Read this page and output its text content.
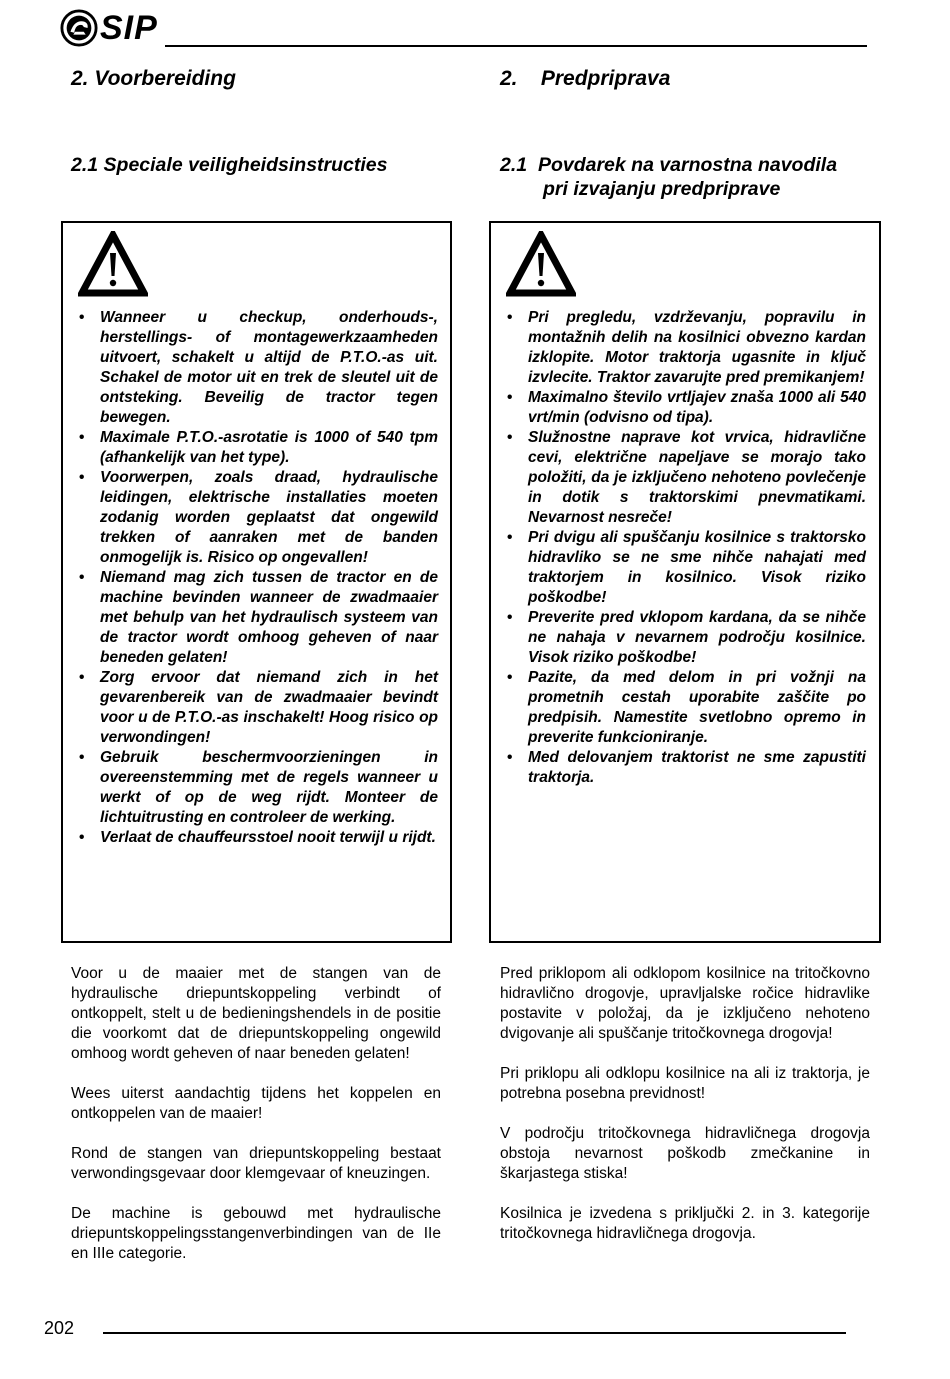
SIP
2. Voorbereiding
2.1 Speciale veiligheidsinstructies
2.    Predpriprava
2.1  Povdarek na varnostna navodila
pri izvajanju predpriprave
• Wanneer u checkup, onderhouds-, herstellings- of montagewerkzaamheden uitvoert, schakelt u altijd de P.T.O.-as uit. Schakel de motor uit en trek de sleutel uit de ontsteking. Beveilig de tractor tegen bewegen.
• Maximale P.T.O.-asrotatie is 1000 of 540 tpm (afhankelijk van het type).
• Voorwerpen, zoals draad, hydraulische leidingen, elektrische installaties moeten zodanig worden geplaatst dat ongewild trekken of aanraken met de banden onmogelijk is. Risico op ongevallen!
• Niemand mag zich tussen de tractor en de machine bevinden wanneer de zwadmaaier met behulp van het hydraulisch systeem van de tractor wordt omhoog geheven of naar beneden gelaten!
• Zorg ervoor dat niemand zich in het gevarenbereik van de zwadmaaier bevindt voor u de P.T.O.-as inschakelt! Hoog risico op verwondingen!
• Gebruik beschermvoorzieningen in overeenstemming met de regels wanneer u werkt of op de weg rijdt. Monteer de lichtuitrusting en controleer de werking.
• Verlaat de chauffeursstoel nooit terwijl u rijdt.
• Pri pregledu, vzdrževanju, popravilu in montažnih delih na kosilnici obvezno kardan izklopite. Motor traktorja ugasnite in ključ izvlecite. Traktor zavarujte pred premikanjem!
• Maximalno število vrtljajev znaša 1000 ali 540 vrt/min (odvisno od tipa).
• Služnostne naprave kot vrvica, hidravlične cevi, električne napeljave se morajo tako položiti, da je izključeno nehoteno povlečenje in dotik s traktorskimi pnevmatikami. Nevarnost nesreče!
• Pri dvigu ali spuščanju kosilnice s traktorsko hidravliko se ne sme nihče nahajati med traktorjem in kosilnico. Visok riziko poškodbe!
• Preverite pred vklopom kardana, da se nihče ne nahaja v nevarnem področju kosilnice. Visok riziko poškodbe!
• Pazite, da med delom in pri vožnji na prometnih cestah uporabite zaščite po predpisih. Namestite svetlobno opremo in preverite funkcioniranje.
• Med delovanjem traktorist ne sme zapustiti traktorja.

Voor u de maaier met de stangen van de hydraulische driepuntskoppeling verbindt of ontkoppelt, stelt u de bedieningshendels in de positie die voorkomt dat de driepuntskoppeling ongewild omhoog wordt geheven of naar beneden gelaten!

Wees uiterst aandachtig tijdens het koppelen en ontkoppelen van de maaier!

Rond de stangen van driepuntskoppeling bestaat verwondingsgevaar door klemgevaar of kneuzingen.

De machine is gebouwd met hydraulische driepuntskoppelingsstangenverbindingen van de IIe en IIIe categorie.

Pred priklopom ali odklopom kosilnice na tritočkovno hidravlično drogovje, upravljalske ročice hidravlike postavite v položaj, da je izključeno nehoteno dvigovanje ali spuščanje tritočkovnega drogovja!

Pri priklopu ali odklopu kosilnice na ali iz traktorja, je potrebna posebna previdnost!

V področju tritočkovnega hidravličnega drogovja obstoja nevarnost poškodb zmečkanine in škarjastega stiska!

Kosilnica je izvedena s priključki 2. in 3. kategorije tritočkovnega hidravličnega drogovja.

202
